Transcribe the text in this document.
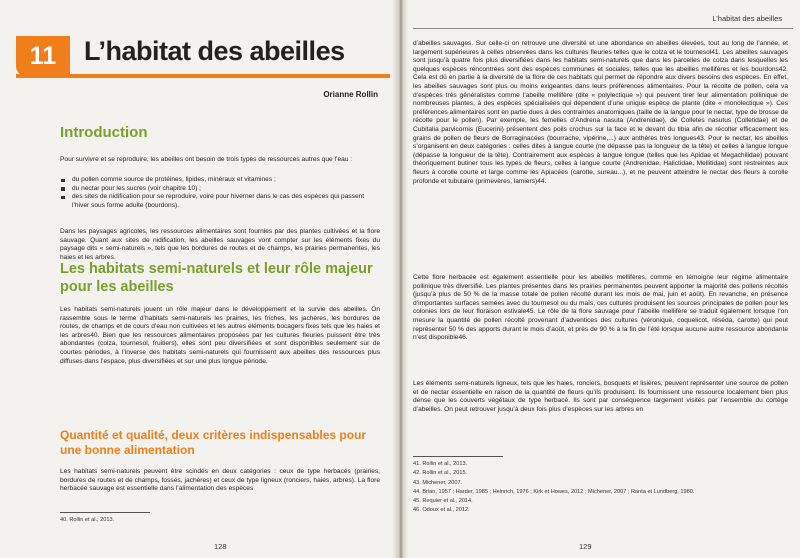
11	L’habitat des abeilles
Orianne Rollin
Introduction
Pour survivre et se reproduire, les abeilles ont besoin de trois types de ressources autres que l’eau :
du pollen comme source de protéines, lipides, minéraux et vitamines ;
du nectar pour les sucres (voir chapitre 10) ;
des sites de nidification pour se reproduire, voire pour hiverner dans le cas des espèces qui passent l’hiver sous forme adulte (bourdons).
Dans les paysages agricoles, les ressources alimentaires sont fournies par des plantes cultivées et la flore sauvage. Quant aux sites de nidification, les abeilles sauvages vont compter sur les éléments fixes du paysage dits « semi-naturels », tels que les bordures de routes et de champs, les prairies permanentes, les haies et les arbres.
Les habitats semi-naturels et leur rôle majeur pour les abeilles
Les habitats semi-naturels jouent un rôle majeur dans le développement et la survie des abeilles. On rassemble sous le terme d’habitats semi-naturels les prairies, les friches, les jachères, les bordures de routes, de champs et de cours d’eau non cultivées et les autres éléments bocagers fixes tels que les haies et les arbres40. Bien que les ressources alimentaires proposées par les cultures fleuries puissent être très abondantes (colza, tournesol, fruitiers), elles sont peu diversifiées et sont disponibles seulement sur de courtes périodes, à l’inverse des habitats semi-naturels qui fournissent aux abeilles des ressources plus diffuses dans l’espace, plus diversifiées et sur une plus longue période.
Quantité et qualité, deux critères indispensables pour une bonne alimentation
Les habitats semi-naturels peuvent être scindés en deux catégories : ceux de type herbacés (prairies, bordures de routes et de champs, fossés, jachères) et ceux de type ligneux (ronciers, haies, arbres). La flore herbacée sauvage est essentielle dans l’alimentation des espèces
40. Rollin et al., 2013.
128
L’habitat des abeilles
d’abeilles sauvages. Sur celle-ci on retrouve une diversité et une abondance en abeilles élevées, tout au long de l’année, et largement supérieures à celles observées dans les cultures fleuries telles que le colza et le tournesol41. Les abeilles sauvages sont jusqu’à quatre fois plus diversifiées dans les habitats semi-naturels que dans les parcelles de colza dans lesquelles les quelques espèces rencontrées sont des espèces communes et sociales, telles que les abeilles mellifères et les bourdons42. Cela est dû en partie à la diversité de la flore de ces habitats qui permet de répondre aux divers besoins des espèces. En effet, les abeilles sauvages sont plus ou moins exigeantes dans leurs préférences alimentaires. Pour la récolte de pollen, cela va d’espèces très généralistes comme l’abeille mellifère (dite « polylectique ») qui peuvent tirer leur alimentation pollinique de nombreuses plantes, à des espèces spécialisées qui dépendent d’une unique espèce de plante (dite « monolectique »). Ces préférences alimentaires sont en partie dues à des contraintes anatomiques (taille de la langue pour le nectar, type de brosse de récolte pour le pollen). Par exemple, les femelles d’Andrena nasuta (Andrenidae), de Colletes nasutus (Colletidae) et de Cubitalia parvicornis (Eucerini) présentent des poils crochus sur la face et le devant du tibia afin de récolter efficacement les grains de pollen de fleurs de Borraginacées (bourrache, vipérine,...) aux anthères très longues43. Pour le nectar, les abeilles s’organisent en deux catégories : celles dites à langue courte (ne dépasse pas la longueur de la tête) et celles à langue longue (dépasse la longueur de la tête). Contrairement aux espèces à langue longue (telles que les Apidae et Megachilidae) pouvant théoriquement butiner tous les types de fleurs, celles à langue courte (Andrenidae, Halictidae, Mellitidae) sont restreintes aux fleurs à corolle courte et large comme les Apiacées (carotte, sureau...), et ne peuvent atteindre le nectar des fleurs à corolle profonde et tubulaire (primevères, lamiers)44.
Cette flore herbacée est également essentielle pour les abeilles mellifères, comme en témoigne leur régime alimentaire pollinique très diversifié. Les plantes présentes dans les prairies permanentes peuvent apporter la majorité des pollens récoltés (jusqu’à plus de 50 % de la masse totale de pollen récolté durant les mois de mai, juin et août). En revanche, en présence d’importantes surfaces semées avec du tournesol ou du maïs, ces cultures produisent les sources principales de pollen pour les colonies lors de leur floraison estivale45. Le rôle de la flore sauvage pour l’abeille mellifère se traduit également lorsque l’on mesure la quantité de pollen récolté provenant d’adventices des cultures (véronique, coquelicot, réséda, carotte) qui peut représenter 50 % des apports durant le mois d’août, et près de 90 % à la fin de l’été lorsque aucune autre ressource abondante n’est disponible46.
Les éléments semi-naturels ligneux, tels que les haies, ronciers, bosquets et lisières, peuvent représenter une source de pollen et de nectar essentielle en raison de la quantité de fleurs qu’ils produisent. Ils fournissent une ressource localement bien plus dense que les couverts végétaux de type herbacé. Ils sont par conséquence largement visités par l’ensemble du cortège d’abeilles. On peut retrouver jusqu’à deux fois plus d’espèces sur les arbres en
41. Rollin et al., 2013.
42. Rollin et al., 2015.
43. Michener, 2007.
44. Brian, 1957 ; Harder, 1985 ; Heinrich, 1976 ; Kirk et Howes, 2012 ; Michener, 2007 ; Ranta et Lundberg, 1980.
45. Requier et al., 2014.
46. Odoux et al., 2012.
129
